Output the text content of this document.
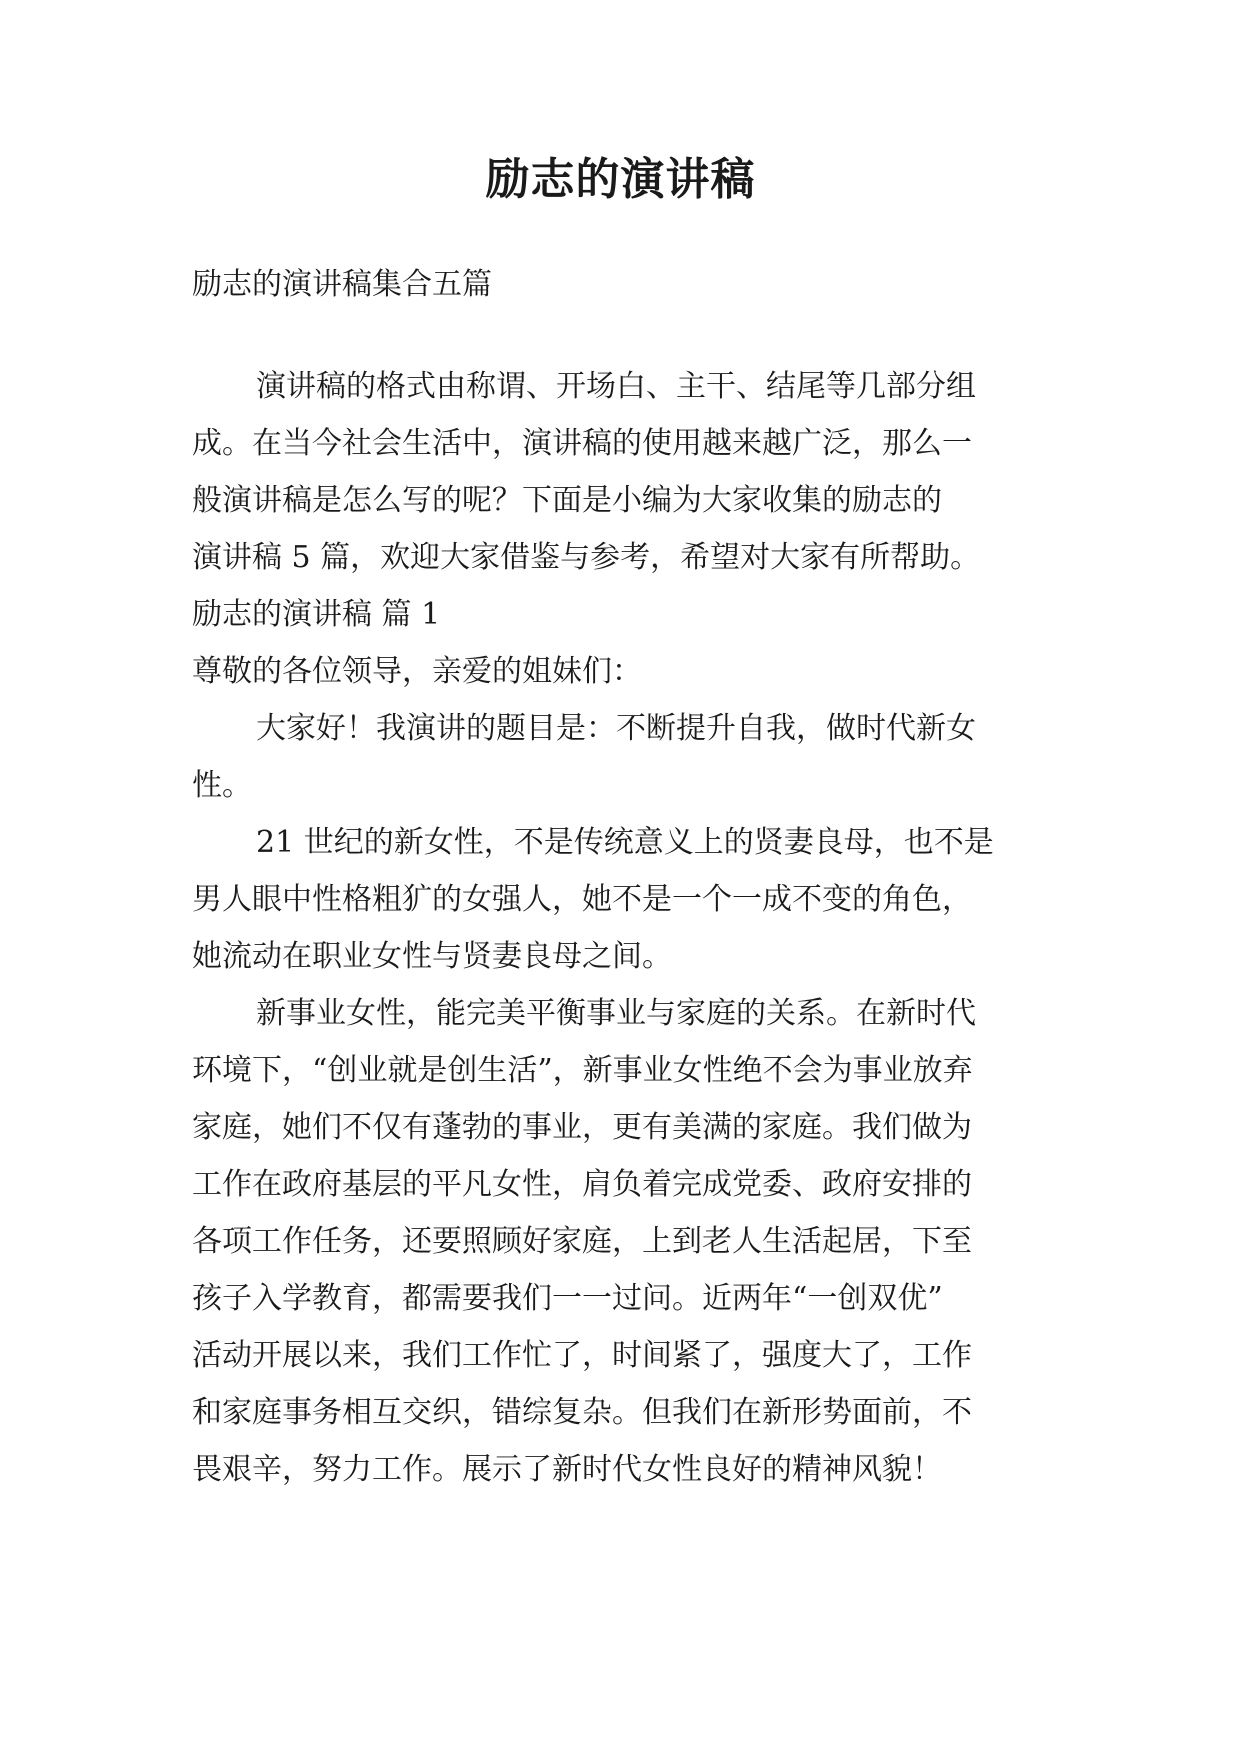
励志的演讲稿

励志的演讲稿集合五篇

演讲稿的格式由称谓、开场白、主干、结尾等几部分组

成。在当今社会生活中，演讲稿的使用越来越广泛，那么一

般演讲稿是怎么写的呢？下面是小编为大家收集的励志的

演讲稿 5 篇，欢迎大家借鉴与参考，希望对大家有所帮助。

励志的演讲稿 篇 1

尊敬的各位领导，亲爱的姐妹们：

大家好！我演讲的题目是：不断提升自我，做时代新女

性。

21 世纪的新女性，不是传统意义上的贤妻良母，也不是

男人眼中性格粗犷的女强人，她不是一个一成不变的角色，

她流动在职业女性与贤妻良母之间。

新事业女性，能完美平衡事业与家庭的关系。在新时代

环境下，“创业就是创生活”，新事业女性绝不会为事业放弃

家庭，她们不仅有蓬勃的事业，更有美满的家庭。我们做为

工作在政府基层的平凡女性，肩负着完成党委、政府安排的

各项工作任务，还要照顾好家庭，上到老人生活起居，下至

孩子入学教育，都需要我们一一过问。近两年“一创双优”

活动开展以来，我们工作忙了，时间紧了，强度大了，工作

和家庭事务相互交织，错综复杂。但我们在新形势面前，不

畏艰辛，努力工作。展示了新时代女性良好的精神风貌！
